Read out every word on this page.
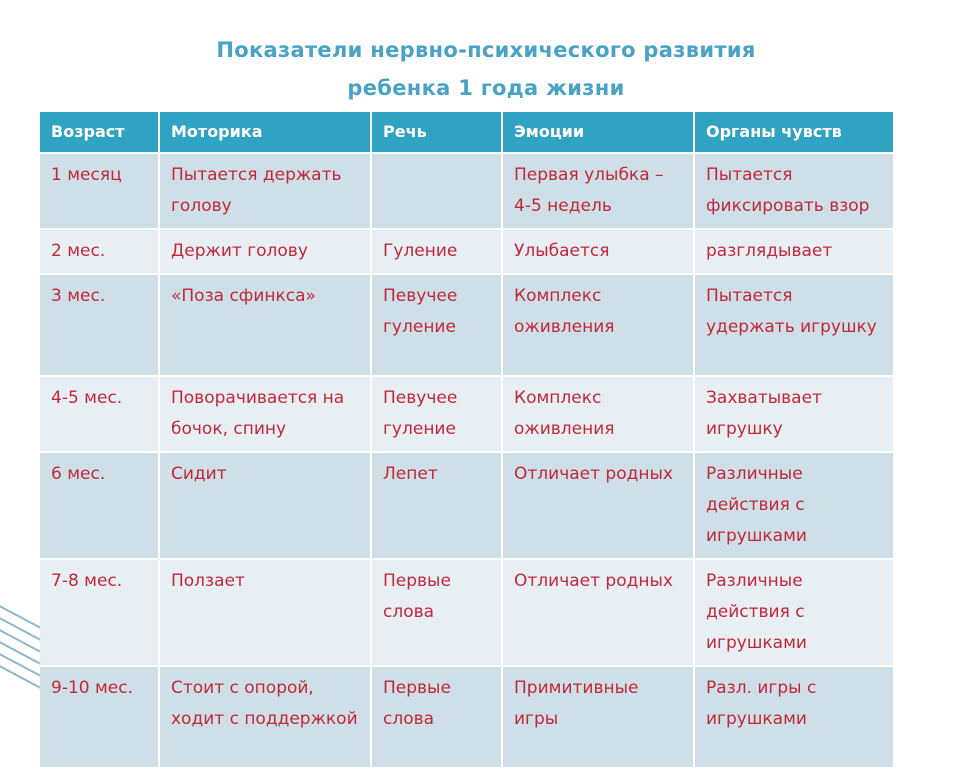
Показатели нервно-психического развития
ребенка 1 года жизни
Возраст	Моторика	Речь	Эмоции	Органы чувств
1 месяц	Пытается держать голову		Первая улыбка – 4-5 недель	Пытается фиксировать взор
2 мес.	Держит голову	Гуление	Улыбается	разглядывает
3 мес.	«Поза сфинкса»	Певучее гуление	Комплекс оживления	Пытается удержать игрушку
4-5 мес.	Поворачивается на бочок, спину	Певучее гуление	Комплекс оживления	Захватывает игрушку
6 мес.	Сидит	Лепет	Отличает родных	Различные действия с игрушками
7-8 мес.	Ползает	Первые слова	Отличает родных	Различные действия с игрушками
9-10 мес.	Стоит с опорой, ходит с поддержкой	Первые слова	Примитивные игры	Разл. игры с игрушками
